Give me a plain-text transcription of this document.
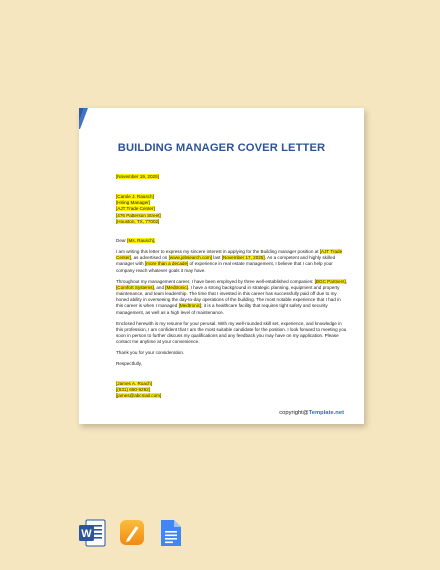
BUILDING MANAGER COVER LETTER

[November 19, 2025]

[Carole J. Rausch]
[Hiring Manager]
[AJT Trade Center]
[476 Patterson Street]
[Houston, TX, 77002]

Dear [Ms. Rausch],

I am writing this letter to express my sincere interest in applying for the Building manager position at [AJT Trade Center], as advertised on [www.jobsearch.com] last [November 17, 2025]. As a competent and highly skilled manager with [more than a decade] of experience in real estate management, I believe that I can help your company reach whatever goals it may have.

Throughout my management career, I have been employed by three well-established companies: [BGC Partners], [Comfort Systems], and [Medtronic]. I have a strong background in strategic planning, equipment and property maintenance, and team leadership. The time that I invested in this career has successfully paid off due to my honed ability in overseeing the day-to-day operations of the building. The most notable experience that I had in this career is when I managed [Medtronic]; it is a healthcare facility that requires tight safety and security management, as well as a high level of maintenance.

Enclosed herewith is my resume for your perusal. With my well-rounded skill set, experience, and knowledge in this profession, I am confident that I am the most suitable candidate for the position. I look forward to meeting you soon in person to further discuss my qualifications and any feedback you may have on my application. Please contact me anytime at your convenience.

Thank you for your consideration.

Respectfully,

[James A. Roach]
[(631) 650-9292]
[james@abcmail.com]

copyright@Template.net
W
